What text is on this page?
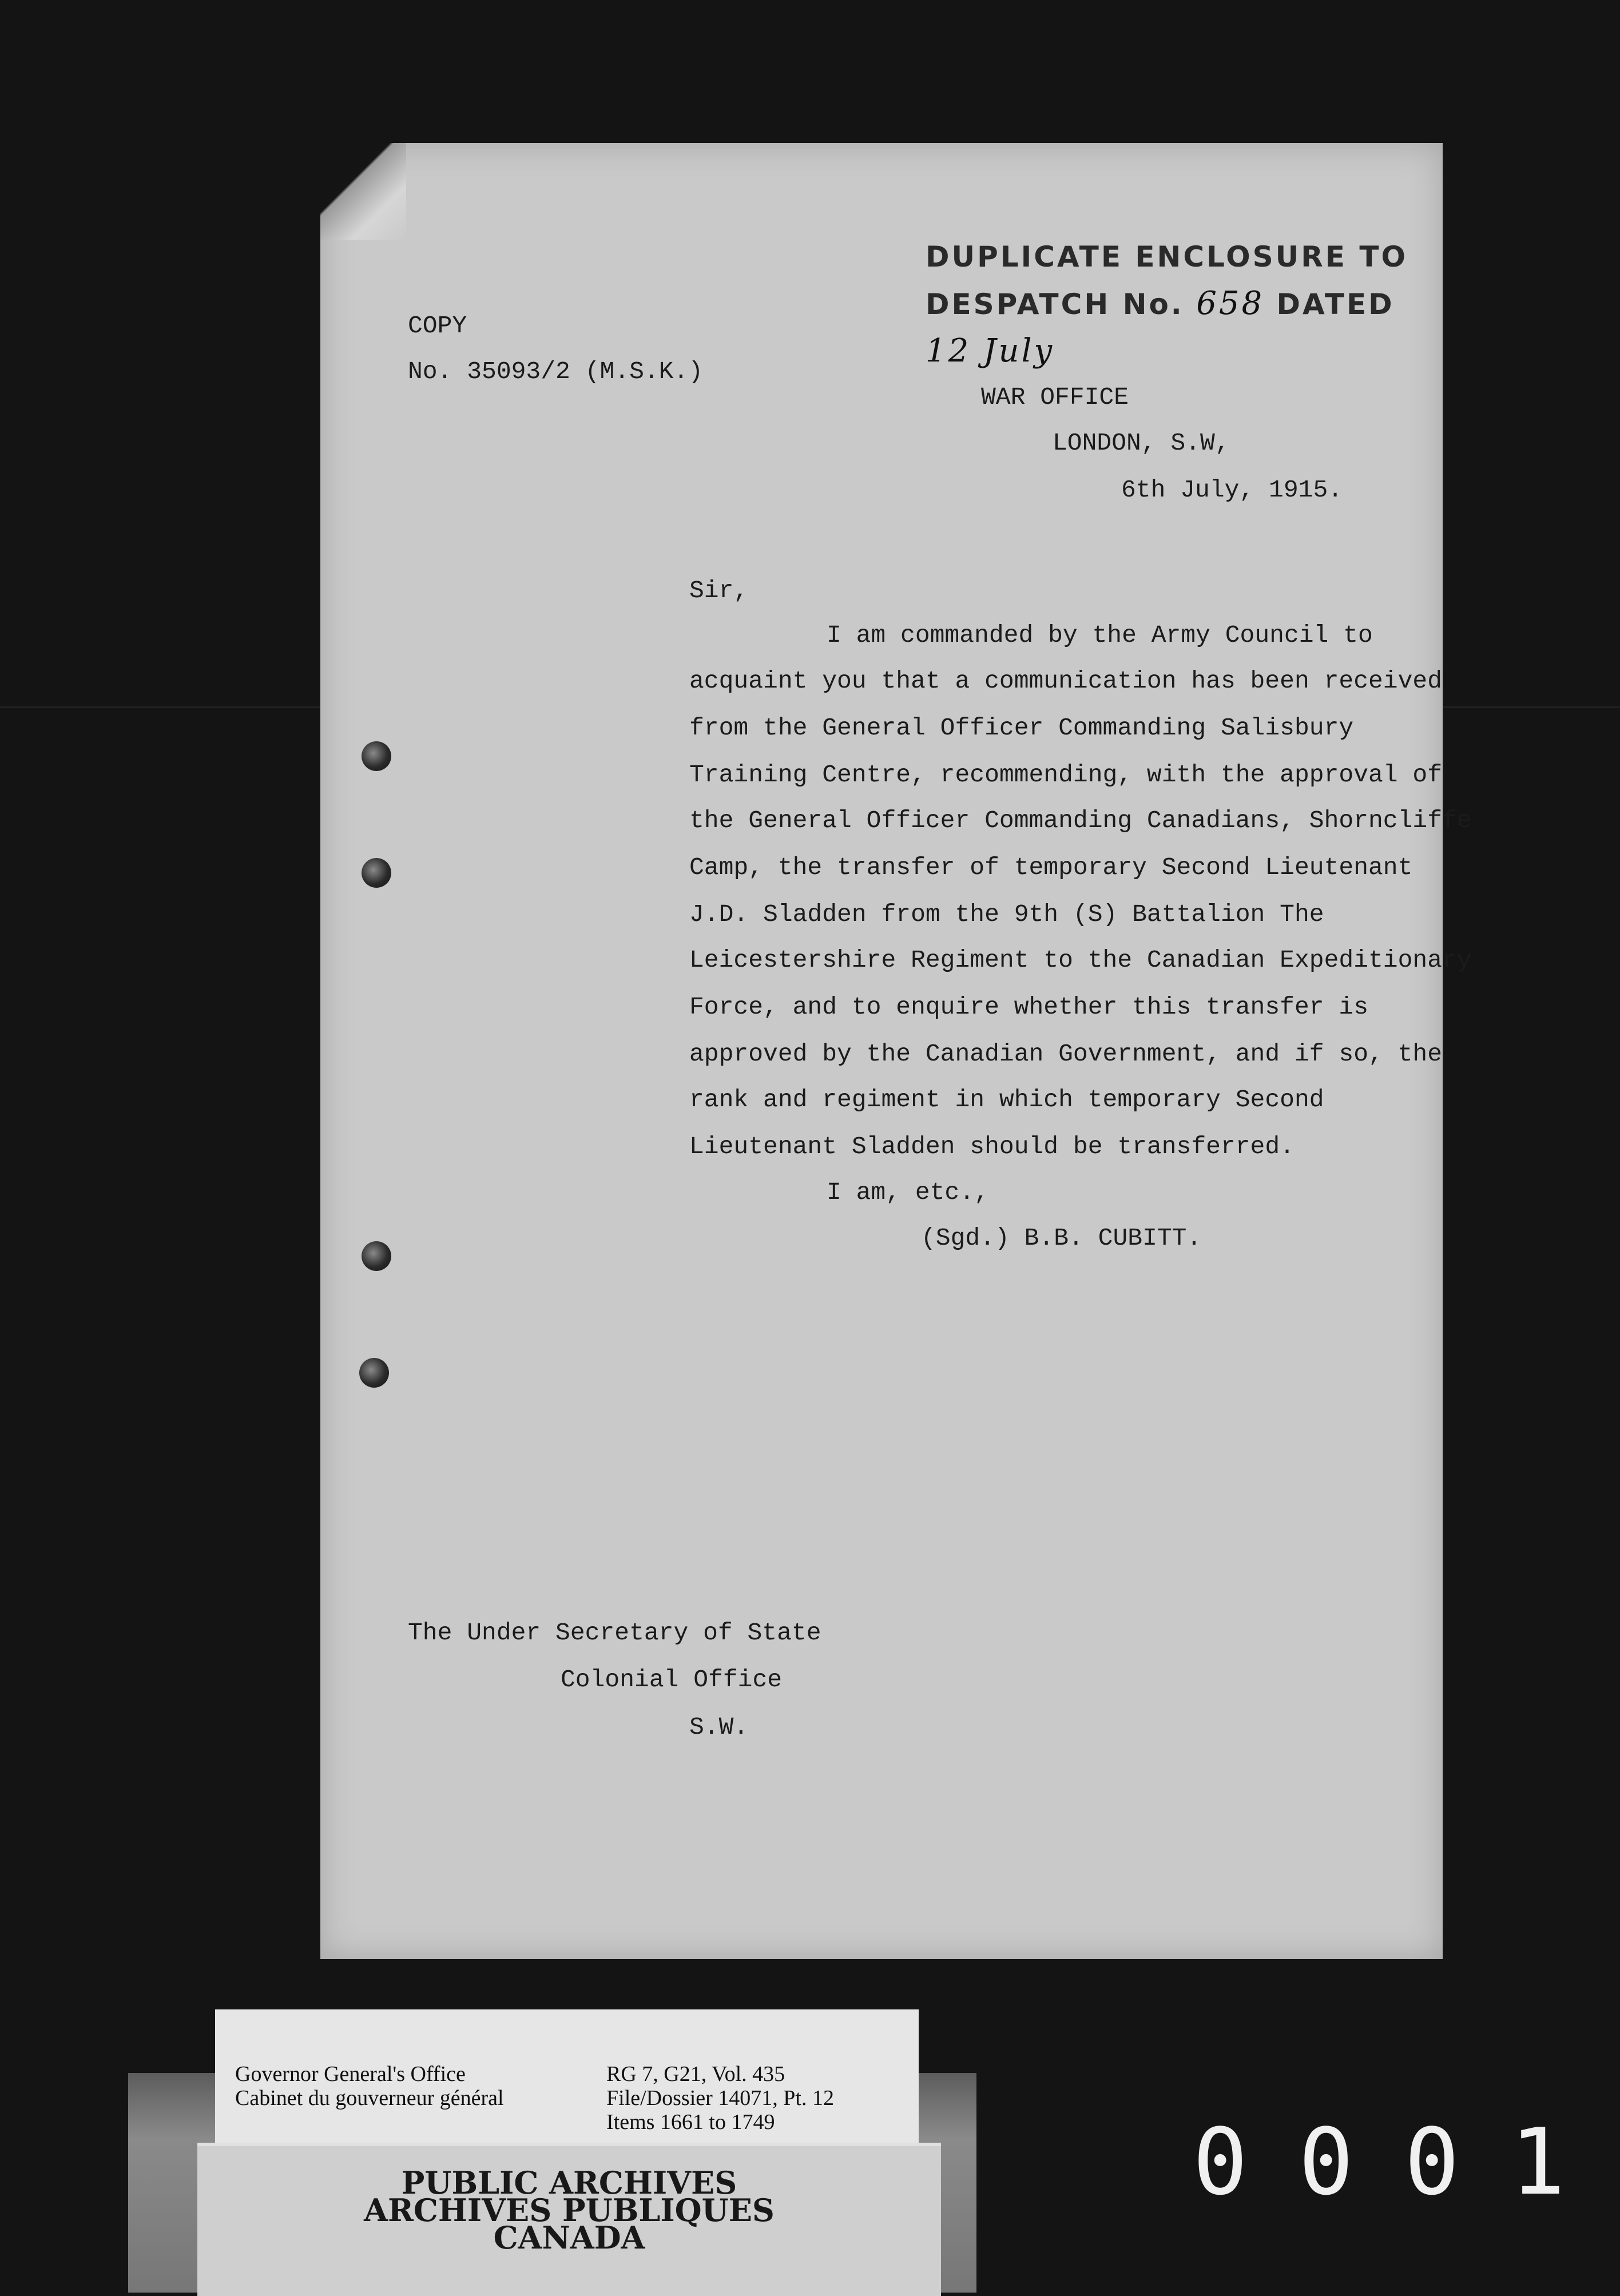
DUPLICATE ENCLOSURE TO
DESPATCH No. 658 DATED 12 July
COPY
No. 35093/2 (M.S.K.)
WAR OFFICE
LONDON, S.W,
6th July, 1915.
Sir,
I am commanded by the Army Council to
acquaint you that a communication has been received
from the General Officer Commanding Salisbury
Training Centre, recommending, with the approval of
the General Officer Commanding Canadians, Shorncliffe
Camp, the transfer of temporary Second Lieutenant
J.D. Sladden from the 9th (S) Battalion The
Leicestershire Regiment to the Canadian Expeditionary
Force, and to enquire whether this transfer is
approved by the Canadian Government, and if so, the
rank and regiment in which temporary Second
Lieutenant Sladden should be transferred.
I am, etc.,
(Sgd.) B.B. CUBITT.
The Under Secretary of State
Colonial Office
S.W.
Governor General's Office
Cabinet du gouverneur général
RG 7, G21, Vol. 435
File/Dossier 14071, Pt. 12
Items 1661 to 1749
PUBLIC ARCHIVES
ARCHIVES PUBLIQUES
CANADA
0 0 0 1
